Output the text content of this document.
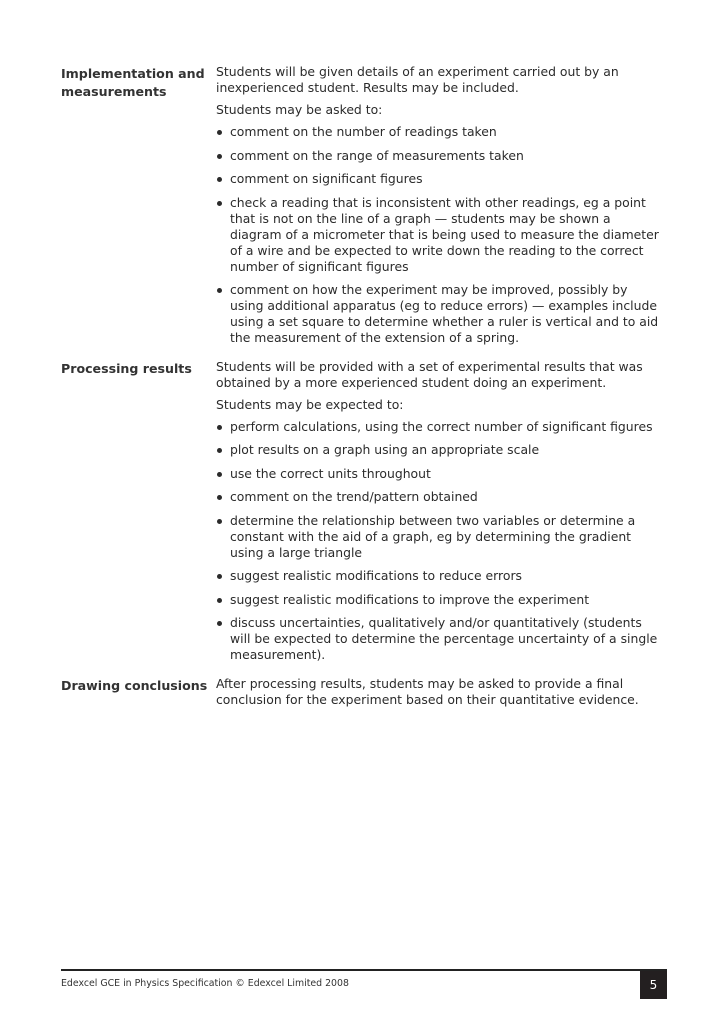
Implementation and measurements

Students will be given details of an experiment carried out by an inexperienced student. Results may be included.

Students may be asked to:

comment on the number of readings taken
comment on the range of measurements taken
comment on significant figures
check a reading that is inconsistent with other readings, eg a point that is not on the line of a graph — students may be shown a diagram of a micrometer that is being used to measure the diameter of a wire and be expected to write down the reading to the correct number of significant figures
comment on how the experiment may be improved, possibly by using additional apparatus (eg to reduce errors) — examples include using a set square to determine whether a ruler is vertical and to aid the measurement of the extension of a spring.
Processing results	Students will be provided with a set of experimental results that was obtained by a more experienced student doing an experiment.

Students may be expected to:

perform calculations, using the correct number of significant figures
plot results on a graph using an appropriate scale
use the correct units throughout
comment on the trend/pattern obtained
determine the relationship between two variables or determine a constant with the aid of a graph, eg by determining the gradient using a large triangle
suggest realistic modifications to reduce errors
suggest realistic modifications to improve the experiment
discuss uncertainties, qualitatively and/or quantitatively (students will be expected to determine the percentage uncertainty of a single measurement).
Drawing conclusions After processing results, students may be asked to provide a final conclusion for the experiment based on their quantitative evidence.

Edexcel GCE in Physics Specification © Edexcel Limited 2008	5
